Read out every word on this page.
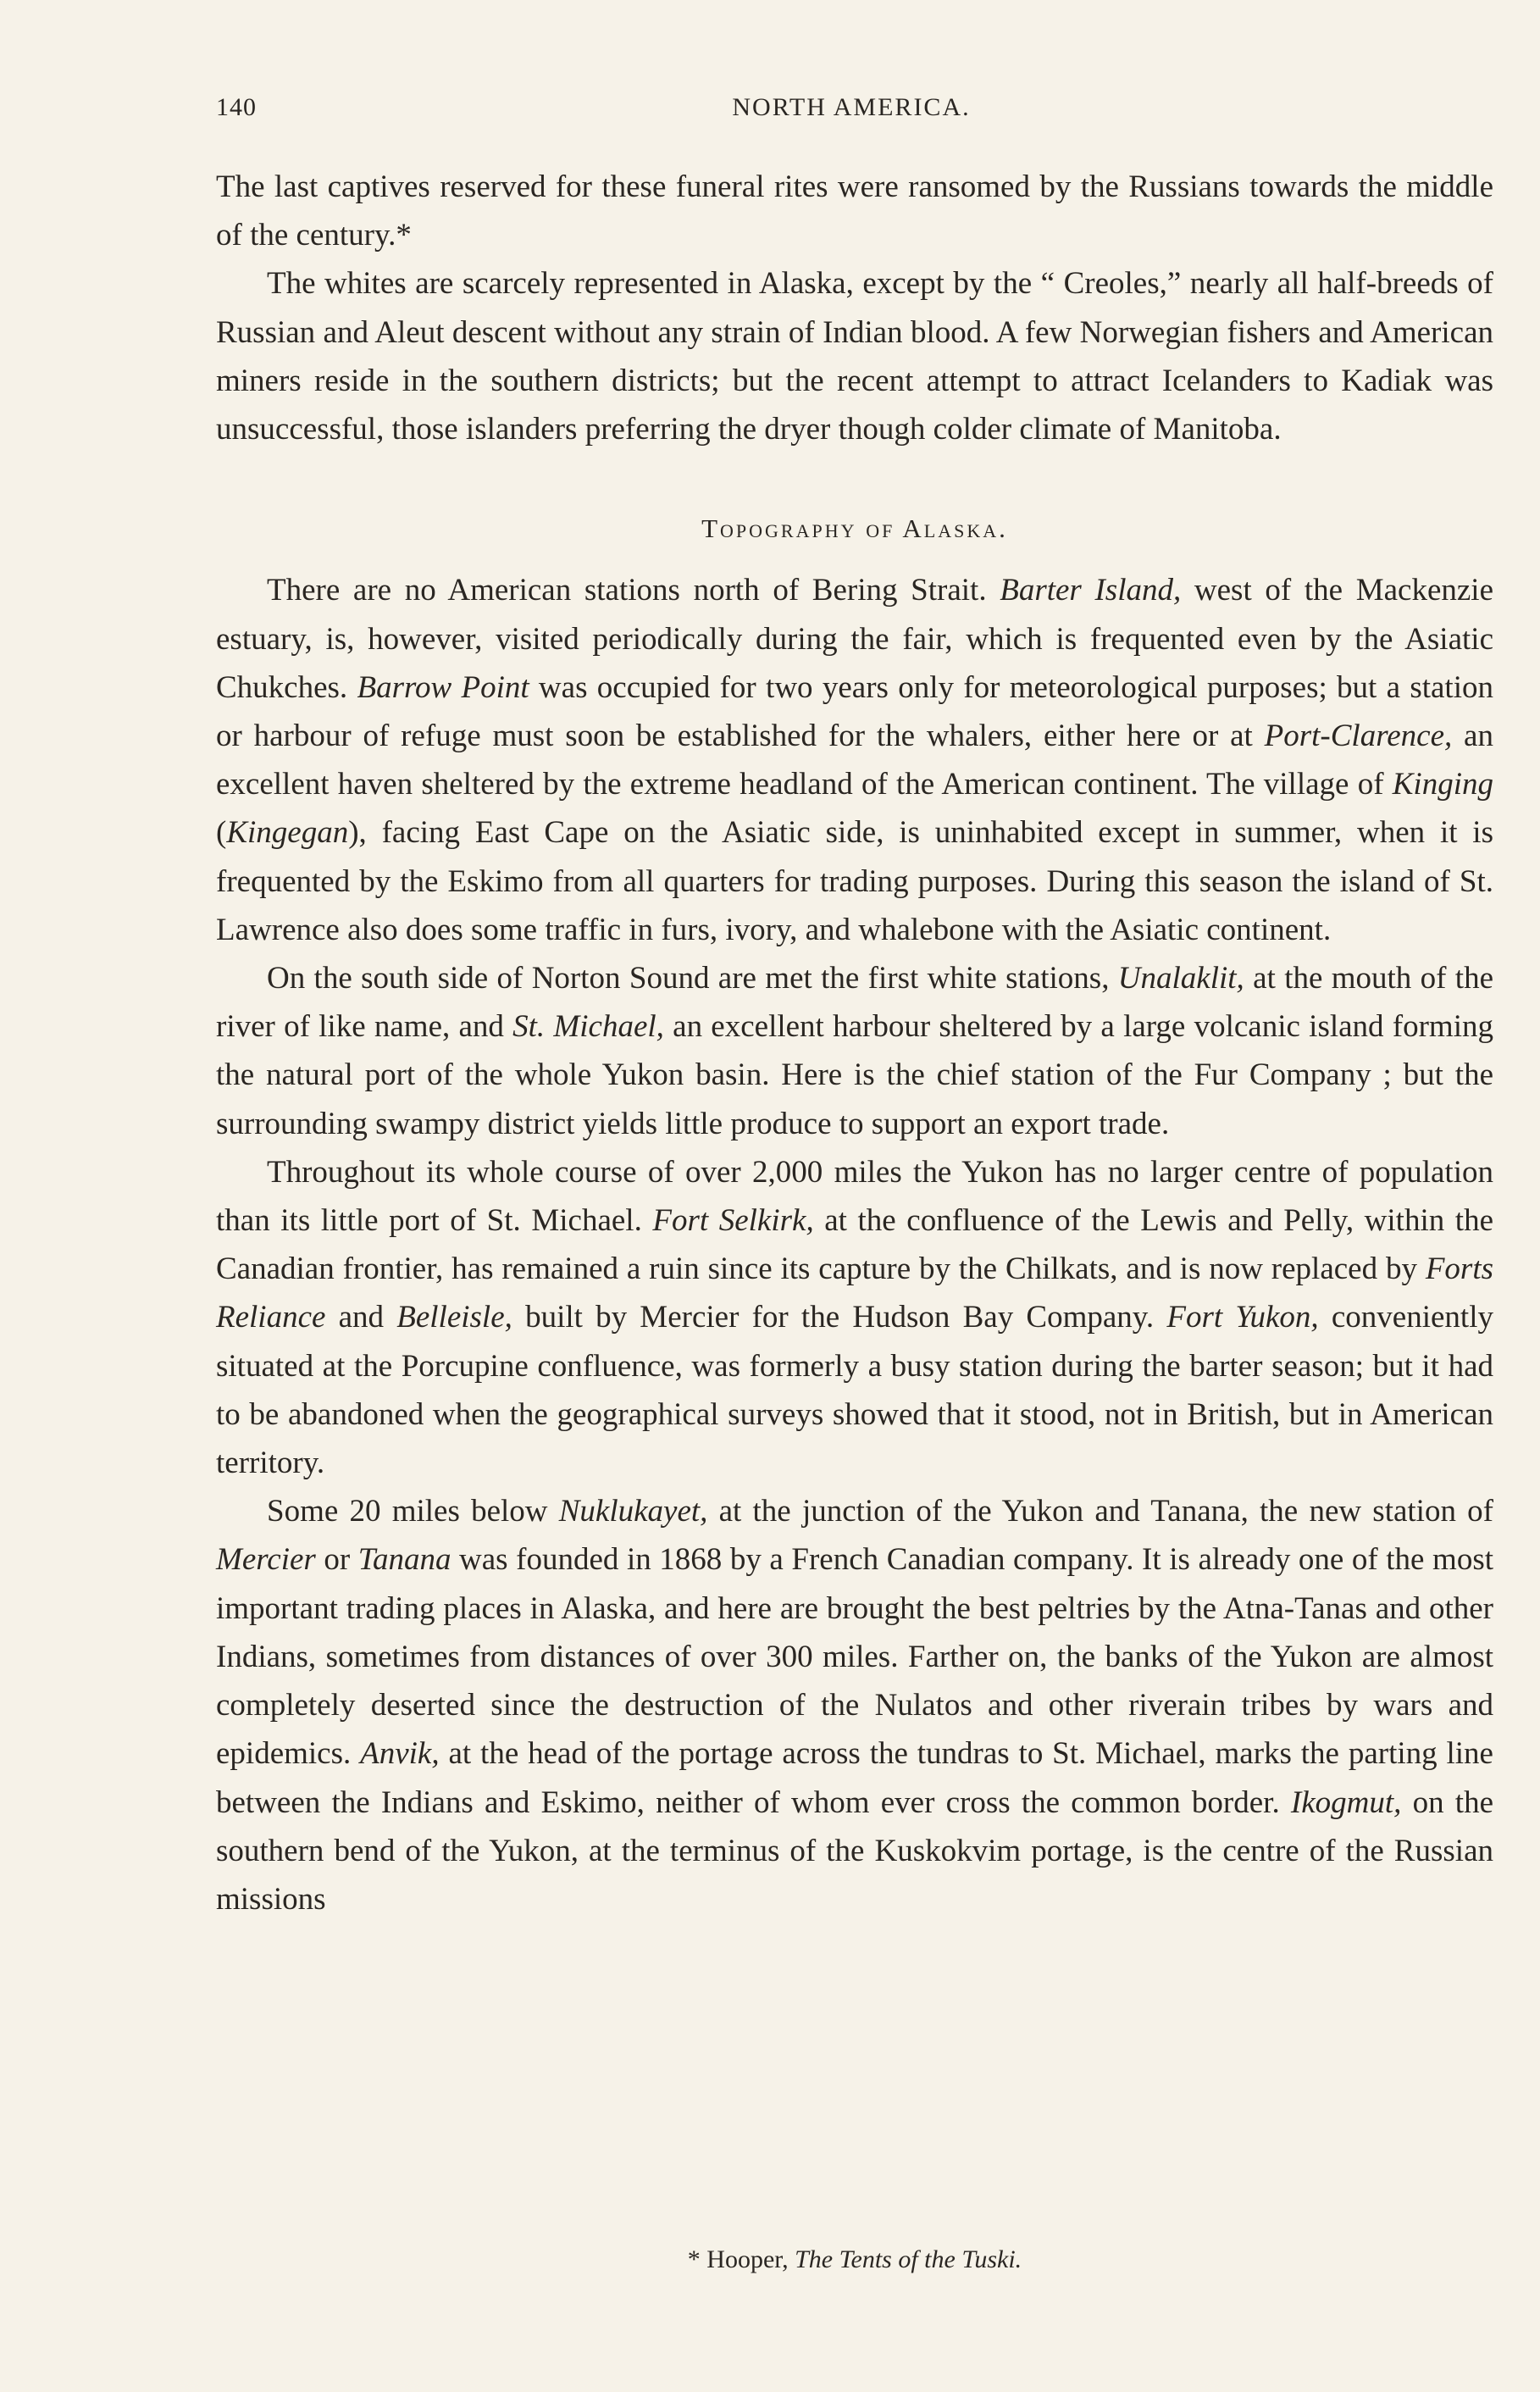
140	NORTH AMERICA.

The last captives reserved for these funeral rites were ransomed by the Russians towards the middle of the century.*

The whites are scarcely represented in Alaska, except by the “ Creoles,” nearly all half-breeds of Russian and Aleut descent without any strain of Indian blood. A few Norwegian fishers and American miners reside in the southern districts; but the recent attempt to attract Icelanders to Kadiak was unsuccessful, those islanders preferring the dryer though colder climate of Manitoba.

Topography of Alaska.

There are no American stations north of Bering Strait. Barter Island, west of the Mackenzie estuary, is, however, visited periodically during the fair, which is frequented even by the Asiatic Chukches. Barrow Point was occupied for two years only for meteorological purposes; but a station or harbour of refuge must soon be established for the whalers, either here or at Port-Clarence, an excellent haven sheltered by the extreme headland of the American continent. The village of Kinging (Kingegan), facing East Cape on the Asiatic side, is uninhabited except in summer, when it is frequented by the Eskimo from all quarters for trading purposes. During this season the island of St. Lawrence also does some traffic in furs, ivory, and whalebone with the Asiatic continent.

On the south side of Norton Sound are met the first white stations, Unalaklit, at the mouth of the river of like name, and St. Michael, an excellent harbour sheltered by a large volcanic island forming the natural port of the whole Yukon basin. Here is the chief station of the Fur Company ; but the surrounding swampy district yields little produce to support an export trade.

Throughout its whole course of over 2,000 miles the Yukon has no larger centre of population than its little port of St. Michael. Fort Selkirk, at the confluence of the Lewis and Pelly, within the Canadian frontier, has remained a ruin since its capture by the Chilkats, and is now replaced by Forts Reliance and Belleisle, built by Mercier for the Hudson Bay Company. Fort Yukon, conveniently situated at the Porcupine confluence, was formerly a busy station during the barter season; but it had to be abandoned when the geographical surveys showed that it stood, not in British, but in American territory.

Some 20 miles below Nuklukayet, at the junction of the Yukon and Tanana, the new station of Mercier or Tanana was founded in 1868 by a French Canadian company. It is already one of the most important trading places in Alaska, and here are brought the best peltries by the Atna-Tanas and other Indians, sometimes from distances of over 300 miles. Farther on, the banks of the Yukon are almost completely deserted since the destruction of the Nulatos and other riverain tribes by wars and epidemics. Anvik, at the head of the portage across the tundras to St. Michael, marks the parting line between the Indians and Eskimo, neither of whom ever cross the common border. Ikogmut, on the southern bend of the Yukon, at the terminus of the Kuskokvim portage, is the centre of the Russian missions

* Hooper, The Tents of the Tuski.
